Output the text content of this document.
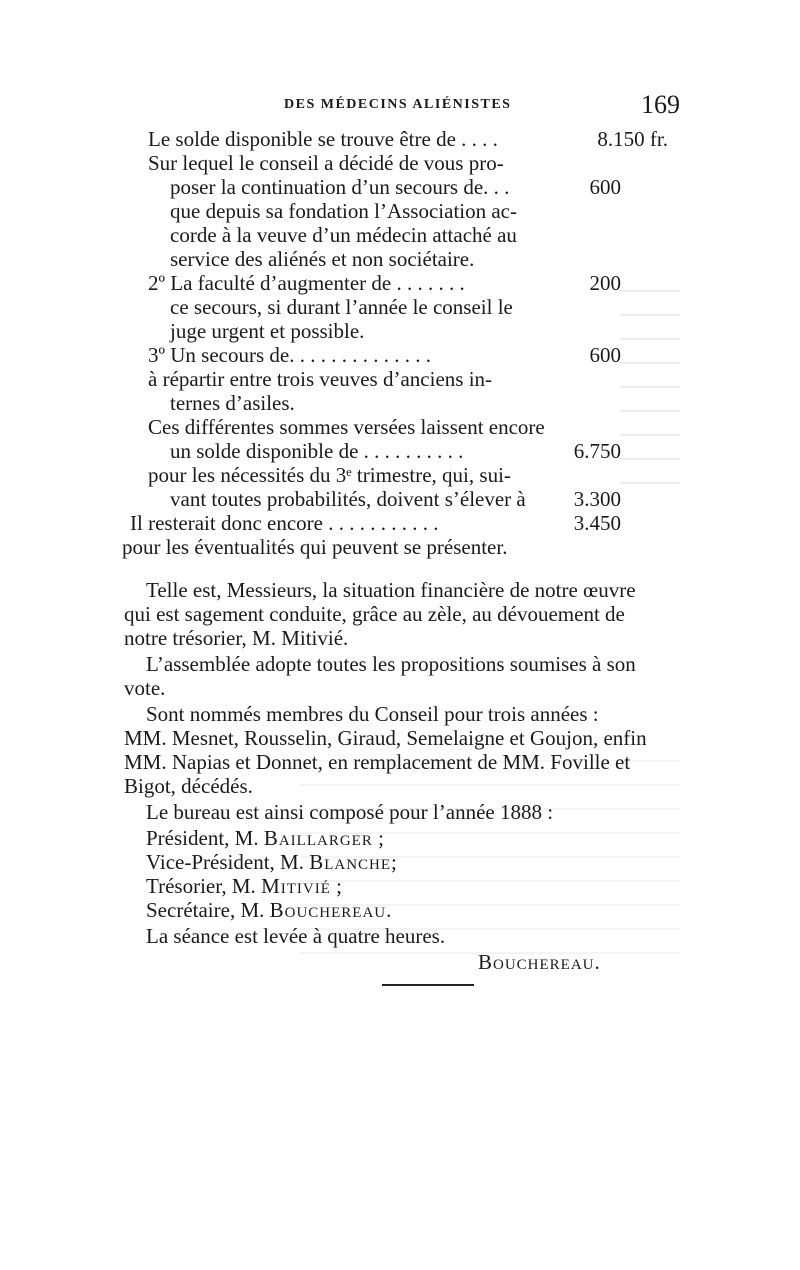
DES MÉDECINS ALIÉNISTES	169
Le solde disponible se trouve être de . . . .	8.150 fr.
Sur lequel le conseil a décidé de vous pro-
poser la continuation d’un secours de. . .	600
que depuis sa fondation l’Association ac-
corde à la veuve d’un médecin attaché au
service des aliénés et non sociétaire.
2º La faculté d’augmenter de . . . . . . .	200
ce secours, si durant l’année le conseil le
juge urgent et possible.
3º Un secours de. . . . . . . . . . . . . .	600
à répartir entre trois veuves d’anciens in-
ternes d’asiles.
Ces différentes sommes versées laissent encore
un solde disponible de . . . . . . . . . .	6.750
pour les nécessités du 3ᵉ trimestre, qui, sui-
vant toutes probabilités, doivent s’élever à	3.300
Il resterait donc encore . . . . . . . . . . .	3.450
pour les éventualités qui peuvent se présenter.
Telle est, Messieurs, la situation financière de notre œuvre
qui est sagement conduite, grâce au zèle, au dévouement de
notre trésorier, M. Mitivié.
L’assemblée adopte toutes les propositions soumises à son
vote.
Sont nommés membres du Conseil pour trois années :
MM. Mesnet, Rousselin, Giraud, Semelaigne et Goujon, enfin
MM. Napias et Donnet, en remplacement de MM. Foville et
Bigot, décédés.
Le bureau est ainsi composé pour l’année 1888 :
Président, M. Baillarger ;
Vice-Président, M. Blanche;
Trésorier, M. Mitivié ;
Secrétaire, M. Bouchereau.
La séance est levée à quatre heures.
Bouchereau.
